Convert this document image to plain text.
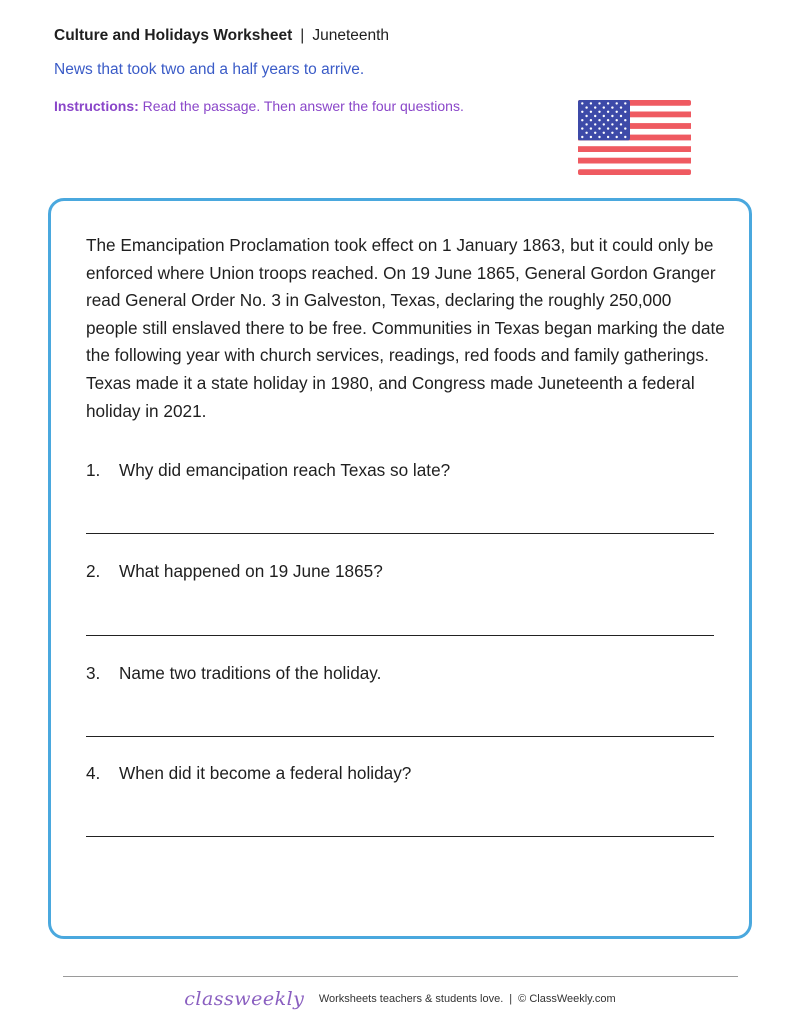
Culture and Holidays Worksheet | Juneteenth
News that took two and a half years to arrive.
Instructions: Read the passage. Then answer the four questions.

The Emancipation Proclamation took effect on 1 January 1863, but it could only be enforced where Union troops reached. On 19 June 1865, General Gordon Granger read General Order No. 3 in Galveston, Texas, declaring the roughly 250,000 people still enslaved there to be free. Communities in Texas began marking the date the following year with church services, readings, red foods and family gatherings. Texas made it a state holiday in 1980, and Congress made Juneteenth a federal holiday in 2021.

1. Why did emancipation reach Texas so late?
2. What happened on 19 June 1865?
3. Name two traditions of the holiday.
4. When did it become a federal holiday?
classweekly Worksheets teachers & students love. | © ClassWeekly.com
